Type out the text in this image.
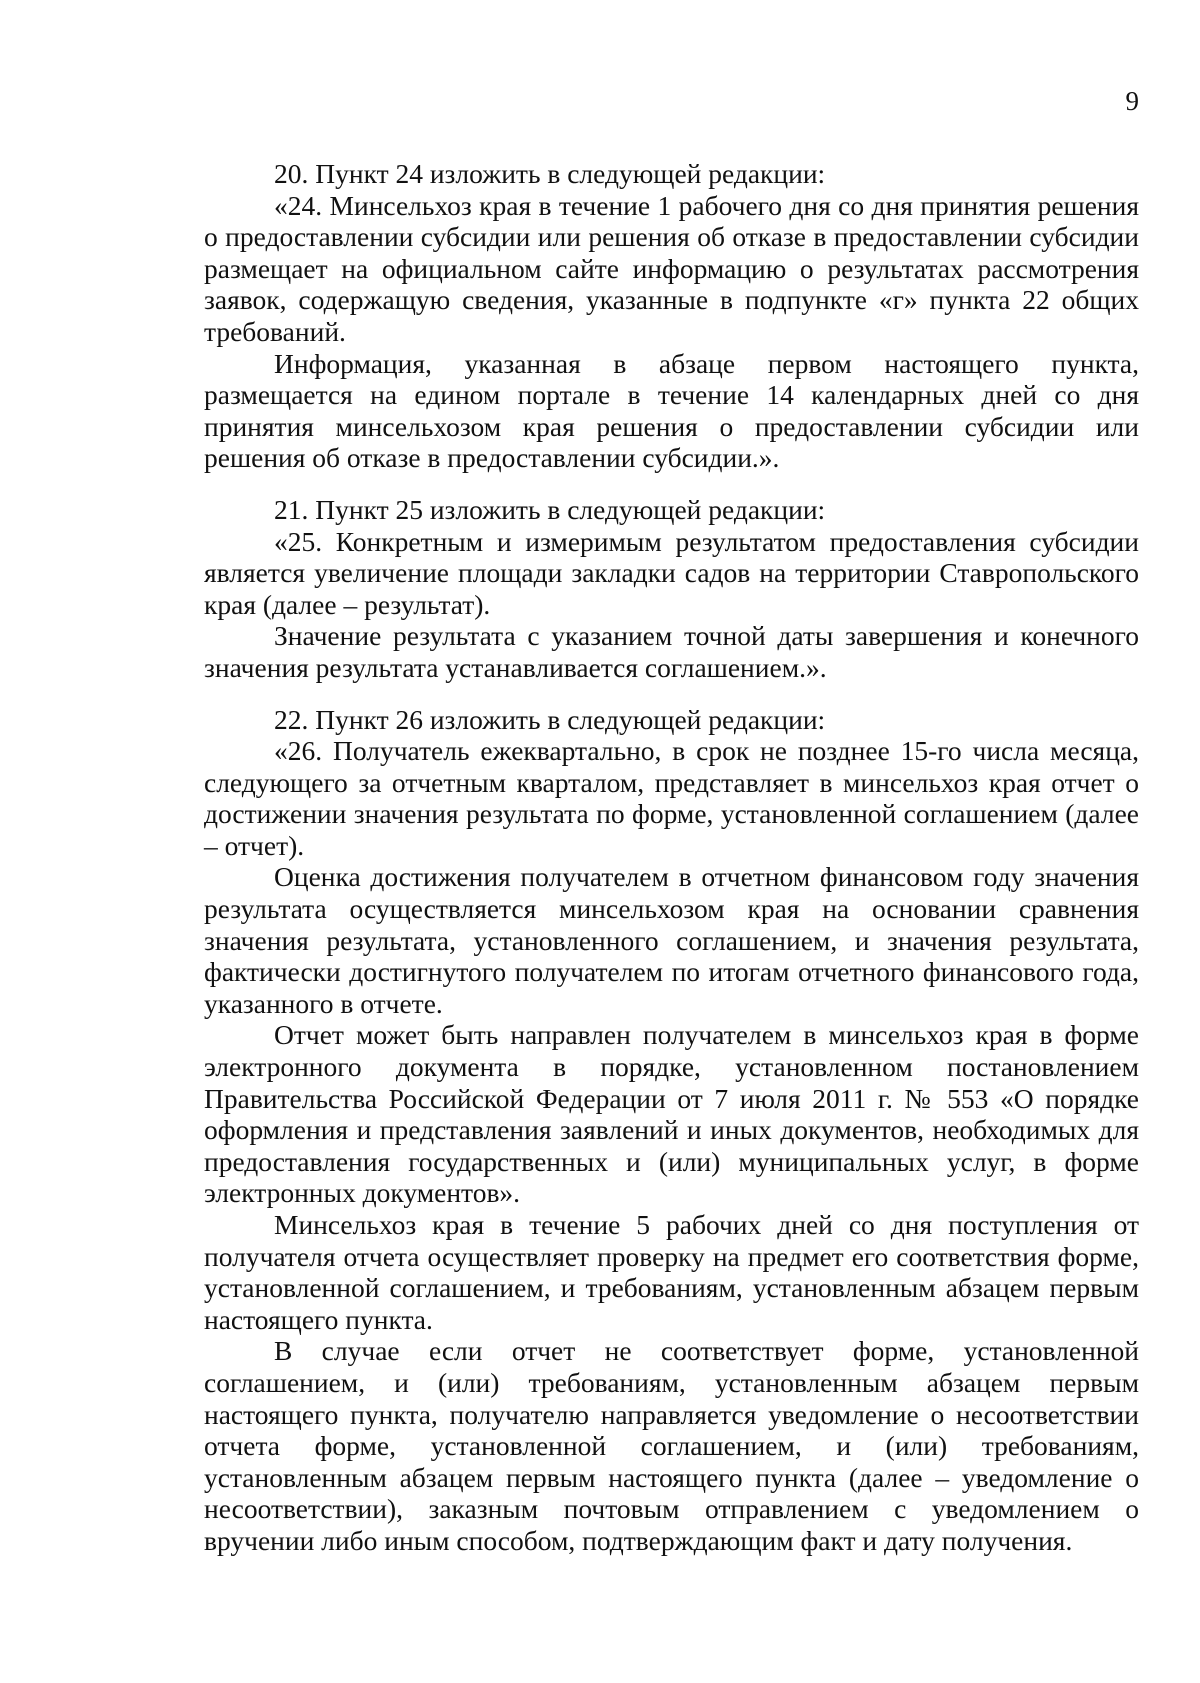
9

20. Пункт 24 изложить в следующей редакции:

«24. Минсельхоз края в течение 1 рабочего дня со дня принятия решения о предоставлении субсидии или решения об отказе в предоставлении субсидии размещает на официальном сайте информацию о результатах рассмотрения заявок, содержащую сведения, указанные в подпункте «г» пункта 22 общих требований.

Информация, указанная в абзаце первом настоящего пункта, размещается на едином портале в течение 14 календарных дней со дня принятия минсельхозом края решения о предоставлении субсидии или решения об отказе в предоставлении субсидии.».

21. Пункт 25 изложить в следующей редакции:

«25. Конкретным и измеримым результатом предоставления субсидии является увеличение площади закладки садов на территории Ставропольского края (далее – результат).

Значение результата с указанием точной даты завершения и конечного значения результата устанавливается соглашением.».

22. Пункт 26 изложить в следующей редакции:

«26. Получатель ежеквартально, в срок не позднее 15-го числа месяца, следующего за отчетным кварталом, представляет в минсельхоз края отчет о достижении значения результата по форме, установленной соглашением (далее – отчет).

Оценка достижения получателем в отчетном финансовом году значения результата осуществляется минсельхозом края на основании сравнения значения результата, установленного соглашением, и значения результата, фактически достигнутого получателем по итогам отчетного финансового года, указанного в отчете.

Отчет может быть направлен получателем в минсельхоз края в форме электронного документа в порядке, установленном постановлением Правительства Российской Федерации от 7 июля 2011 г. № 553 «О порядке оформления и представления заявлений и иных документов, необходимых для предоставления государственных и (или) муниципальных услуг, в форме электронных документов».

Минсельхоз края в течение 5 рабочих дней со дня поступления от получателя отчета осуществляет проверку на предмет его соответствия форме, установленной соглашением, и требованиям, установленным абзацем первым настоящего пункта.

В случае если отчет не соответствует форме, установленной соглашением, и (или) требованиям, установленным абзацем первым настоящего пункта, получателю направляется уведомление о несоответствии отчета форме, установленной соглашением, и (или) требованиям, установленным абзацем первым настоящего пункта (далее – уведомление о несоответствии), заказным почтовым отправлением с уведомлением о вручении либо иным способом, подтверждающим факт и дату получения.
